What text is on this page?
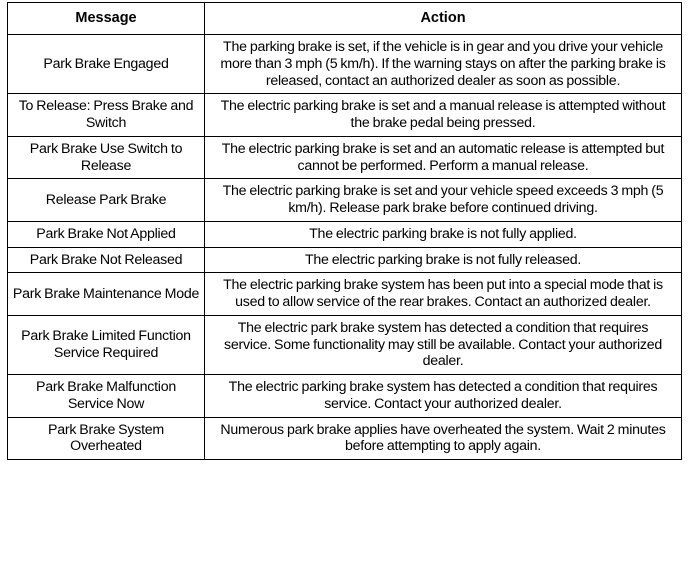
Message	Action
Park Brake Engaged	The parking brake is set, if the vehicle is in gear and you drive your vehicle more than 3 mph (5 km/h). If the warning stays on after the parking brake is released, contact an authorized dealer as soon as possible.
To Release: Press Brake and Switch	The electric parking brake is set and a manual release is attempted without the brake pedal being pressed.
Park Brake Use Switch to Release	The electric parking brake is set and an automatic release is attempted but cannot be performed. Perform a manual release.
Release Park Brake	The electric parking brake is set and your vehicle speed exceeds 3 mph (5 km/h). Release park brake before continued driving.
Park Brake Not Applied	The electric parking brake is not fully applied.
Park Brake Not Released	The electric parking brake is not fully released.
Park Brake Maintenance Mode	The electric parking brake system has been put into a special mode that is used to allow service of the rear brakes. Contact an authorized dealer.
Park Brake Limited Function Service Required	The electric park brake system has detected a condition that requires service. Some functionality may still be available. Contact your authorized dealer.
Park Brake Malfunction Service Now	The electric parking brake system has detected a condition that requires service. Contact your authorized dealer.
Park Brake System Overheated	Numerous park brake applies have overheated the system. Wait 2 minutes before attempting to apply again.
